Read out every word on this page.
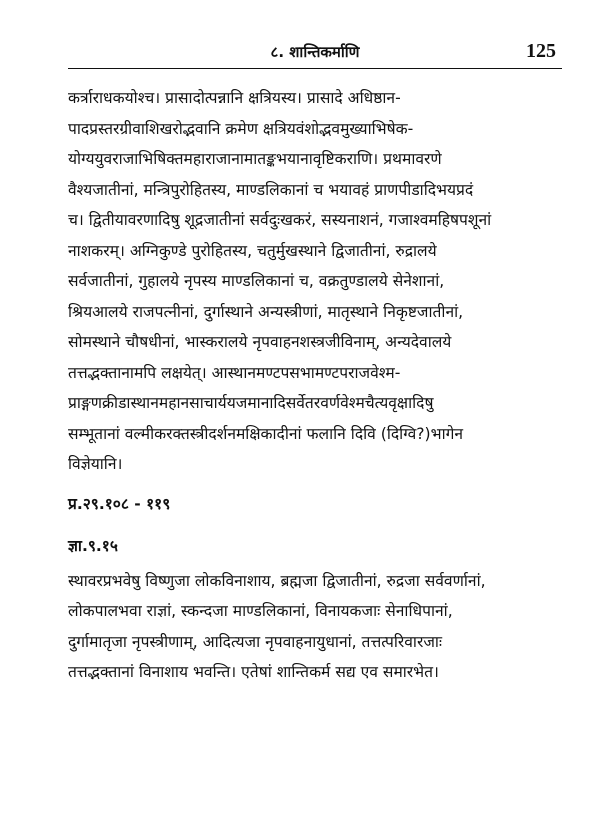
८. शान्तिकर्माणि	125

कर्त्राराधकयोश्च। प्रासादोत्पन्नानि क्षत्रियस्य। प्रासादे अधिष्ठान-
पादप्रस्तरग्रीवाशिखरोद्भवानि क्रमेण क्षत्रियवंशोद्भवमुख्याभिषेक-
योग्ययुवराजाभिषिक्तमहाराजानामातङ्कभयानावृष्टिकराणि। प्रथमावरणे
वैश्यजातीनां, मन्त्रिपुरोहितस्य, माण्डलिकानां च भयावहं प्राणपीडादिभयप्रदं
च। द्वितीयावरणादिषु शूद्रजातीनां सर्वदुःखकरं, सस्यनाशनं, गजाश्वमहिषपशूनां
नाशकरम्। अग्निकुण्डे पुरोहितस्य, चतुर्मुखस्थाने द्विजातीनां, रुद्रालये
सर्वजातीनां, गुहालये नृपस्य माण्डलिकानां च, वक्रतुण्डालये सेनेशानां,
श्रियआलये राजपत्नीनां, दुर्गास्थाने अन्यस्त्रीणां, मातृस्थाने निकृष्टजातीनां,
सोमस्थाने चौषधीनां, भास्करालये नृपवाहनशस्त्रजीविनाम्, अन्यदेवालये
तत्तद्भक्तानामपि लक्षयेत्। आस्थानमण्टपसभामण्टपराजवेश्म-
प्राङ्गणक्रीडास्थानमहानसाचार्ययजमानादिसर्वेतरवर्णवेश्मचैत्यवृक्षादिषु
सम्भूतानां वल्मीकरक्तस्त्रीदर्शनमक्षिकादीनां फलानि दिवि (दिग्वि?)भागेन
विज्ञेयानि।

प्र.२९.१०८ - ११९

ज्ञा.९.१५

स्थावरप्रभवेषु विष्णुजा लोकविनाशाय, ब्रह्मजा द्विजातीनां, रुद्रजा सर्ववर्णानां,
लोकपालभवा राज्ञां, स्कन्दजा माण्डलिकानां, विनायकजाः सेनाधिपानां,
दुर्गामातृजा नृपस्त्रीणाम्, आदित्यजा नृपवाहनायुधानां, तत्तत्परिवारजाः
तत्तद्भक्तानां विनाशाय भवन्ति। एतेषां शान्तिकर्म सद्य एव समारभेत।
